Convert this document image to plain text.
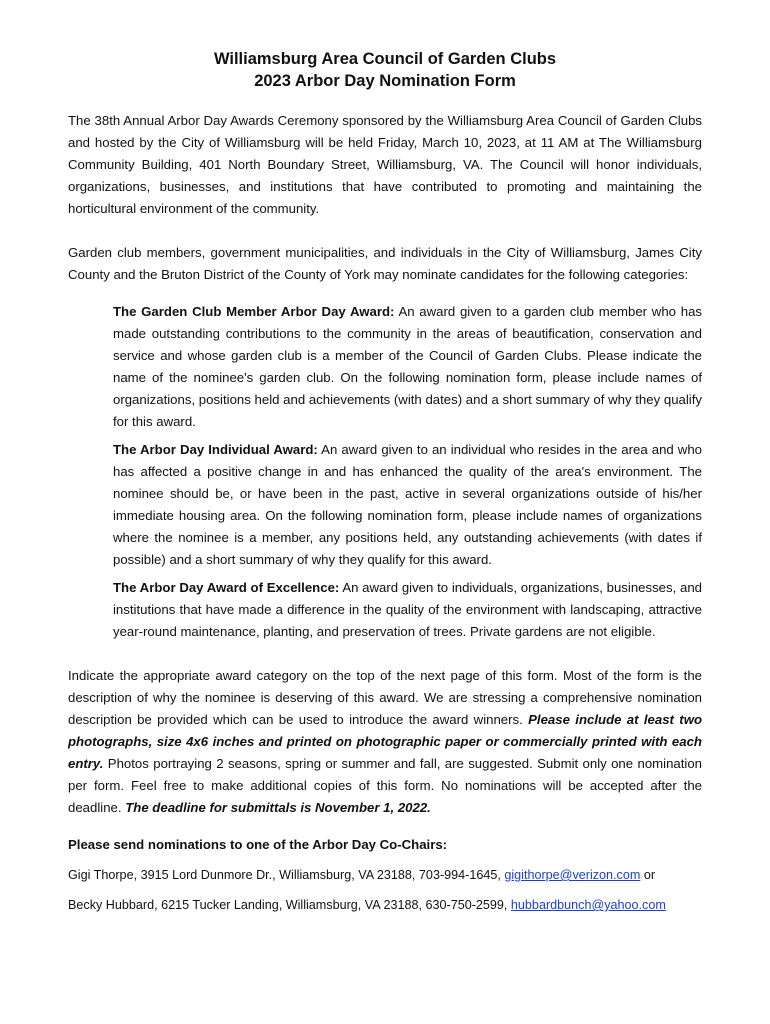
Williamsburg Area Council of Garden Clubs
2023 Arbor Day Nomination Form

The 38th Annual Arbor Day Awards Ceremony sponsored by the Williamsburg Area Council of Garden Clubs and hosted by the City of Williamsburg will be held Friday, March 10, 2023, at 11 AM at The Williamsburg Community Building, 401 North Boundary Street, Williamsburg, VA. The Council will honor individuals, organizations, businesses, and institutions that have contributed to promoting and maintaining the horticultural environment of the community.

Garden club members, government municipalities, and individuals in the City of Williamsburg, James City County and the Bruton District of the County of York may nominate candidates for the following categories:

The Garden Club Member Arbor Day Award: An award given to a garden club member who has made outstanding contributions to the community in the areas of beautification, conservation and service and whose garden club is a member of the Council of Garden Clubs. Please indicate the name of the nominee's garden club. On the following nomination form, please include names of organizations, positions held and achievements (with dates) and a short summary of why they qualify for this award.

The Arbor Day Individual Award: An award given to an individual who resides in the area and who has affected a positive change in and has enhanced the quality of the area's environment. The nominee should be, or have been in the past, active in several organizations outside of his/her immediate housing area. On the following nomination form, please include names of organizations where the nominee is a member, any positions held, any outstanding achievements (with dates if possible) and a short summary of why they qualify for this award.

The Arbor Day Award of Excellence: An award given to individuals, organizations, businesses, and institutions that have made a difference in the quality of the environment with landscaping, attractive year-round maintenance, planting, and preservation of trees. Private gardens are not eligible.

Indicate the appropriate award category on the top of the next page of this form. Most of the form is the description of why the nominee is deserving of this award. We are stressing a comprehensive nomination description be provided which can be used to introduce the award winners. Please include at least two photographs, size 4x6 inches and printed on photographic paper or commercially printed with each entry. Photos portraying 2 seasons, spring or summer and fall, are suggested. Submit only one nomination per form. Feel free to make additional copies of this form. No nominations will be accepted after the deadline. The deadline for submittals is November 1, 2022.

Please send nominations to one of the Arbor Day Co-Chairs:

Gigi Thorpe, 3915 Lord Dunmore Dr., Williamsburg, VA 23188, 703-994-1645, gigithorpe@verizon.com or

Becky Hubbard, 6215 Tucker Landing, Williamsburg, VA 23188, 630-750-2599, hubbardbunch@yahoo.com
